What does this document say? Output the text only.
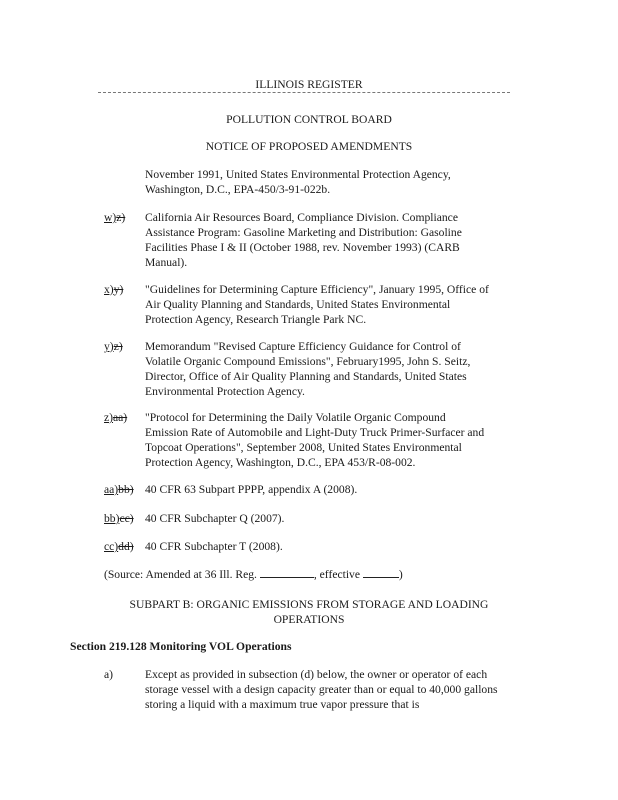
ILLINOIS REGISTER
POLLUTION CONTROL BOARD
NOTICE OF PROPOSED AMENDMENTS
November 1991, United States Environmental Protection Agency, Washington, D.C., EPA-450/3-91-022b.
w)z)	California Air Resources Board, Compliance Division. Compliance Assistance Program: Gasoline Marketing and Distribution: Gasoline Facilities Phase I & II (October 1988, rev. November 1993) (CARB Manual).
x)y)	"Guidelines for Determining Capture Efficiency", January 1995, Office of Air Quality Planning and Standards, United States Environmental Protection Agency, Research Triangle Park NC.
y)z)	Memorandum "Revised Capture Efficiency Guidance for Control of Volatile Organic Compound Emissions", February1995, John S. Seitz, Director, Office of Air Quality Planning and Standards, United States Environmental Protection Agency.
z)aa)	"Protocol for Determining the Daily Volatile Organic Compound Emission Rate of Automobile and Light-Duty Truck Primer-Surfacer and Topcoat Operations", September 2008, United States Environmental Protection Agency, Washington, D.C., EPA 453/R-08-002.
aa)bb) 40 CFR 63 Subpart PPPP, appendix A (2008).
bb)cc) 40 CFR Subchapter Q (2007).
cc)dd) 40 CFR Subchapter T (2008).
(Source: Amended at 36 Ill. Reg.	, effective	)
SUBPART B: ORGANIC EMISSIONS FROM STORAGE AND LOADING
OPERATIONS
Section 219.128 Monitoring VOL Operations
a)	Except as provided in subsection (d) below, the owner or operator of each storage vessel with a design capacity greater than or equal to 40,000 gallons storing a liquid with a maximum true vapor pressure that is
